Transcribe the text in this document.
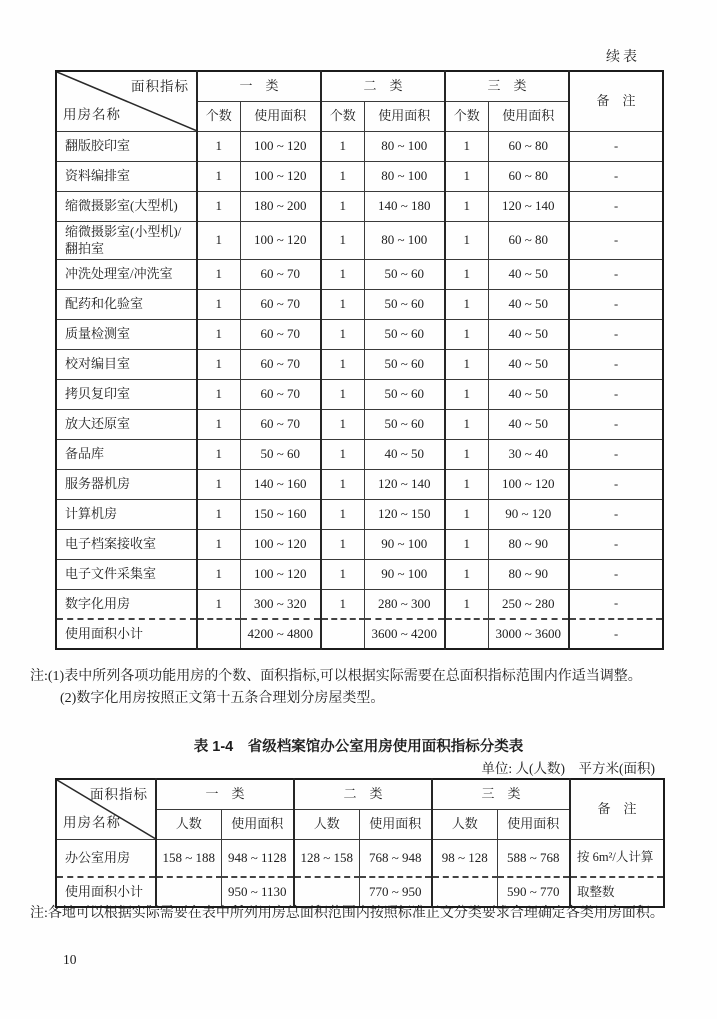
续表
面积指标
用房名称	一　类		二　类		三　类		备　注
	个数	使用面积	个数	使用面积	个数	使用面积	
翻版胶印室	1	100 ~ 120	1	80 ~ 100	1	60 ~ 80	-
资料编排室	1	100 ~ 120	1	80 ~ 100	1	60 ~ 80	-
缩微摄影室(大型机)	1	180 ~ 200	1	140 ~ 180	1	120 ~ 140	-
缩微摄影室(小型机)/翻拍室	1	100 ~ 120	1	80 ~ 100	1	60 ~ 80	-
冲洗处理室/冲洗室	1	60 ~ 70	1	50 ~ 60	1	40 ~ 50	-
配药和化验室	1	60 ~ 70	1	50 ~ 60	1	40 ~ 50	-
质量检测室	1	60 ~ 70	1	50 ~ 60	1	40 ~ 50	-
校对编目室	1	60 ~ 70	1	50 ~ 60	1	40 ~ 50	-
拷贝复印室	1	60 ~ 70	1	50 ~ 60	1	40 ~ 50	-
放大还原室	1	60 ~ 70	1	50 ~ 60	1	40 ~ 50	-
备品库	1	50 ~ 60	1	40 ~ 50	1	30 ~ 40	-
服务器机房	1	140 ~ 160	1	120 ~ 140	1	100 ~ 120	-
计算机房	1	150 ~ 160	1	120 ~ 150	1	90 ~ 120	-
电子档案接收室	1	100 ~ 120	1	90 ~ 100	1	80 ~ 90	-
电子文件采集室	1	100 ~ 120	1	90 ~ 100	1	80 ~ 90	-
数字化用房	1	300 ~ 320	1	280 ~ 300	1	250 ~ 280	-
使用面积小计		4200 ~ 4800		3600 ~ 4200		3000 ~ 3600	-
注:(1)表中所列各项功能用房的个数、面积指标,可以根据实际需要在总面积指标范围内作适当调整。
(2)数字化用房按照正文第十五条合理划分房屋类型。
表 1-4　省级档案馆办公室用房使用面积指标分类表
单位: 人(人数)　平方米(面积)
面积指标
用房名称	一　类		二　类		三　类		备　注
	人数	使用面积	人数	使用面积	人数	使用面积	
办公室用房	158 ~ 188	948 ~ 1128	128 ~ 158	768 ~ 948	98 ~ 128	588 ~ 768	按 6m²/人计算
使用面积小计		950 ~ 1130		770 ~ 950		590 ~ 770	取整数
注:各地可以根据实际需要在表中所列用房总面积范围内按照标准正文分类要求合理确定各类用房面积。
10
